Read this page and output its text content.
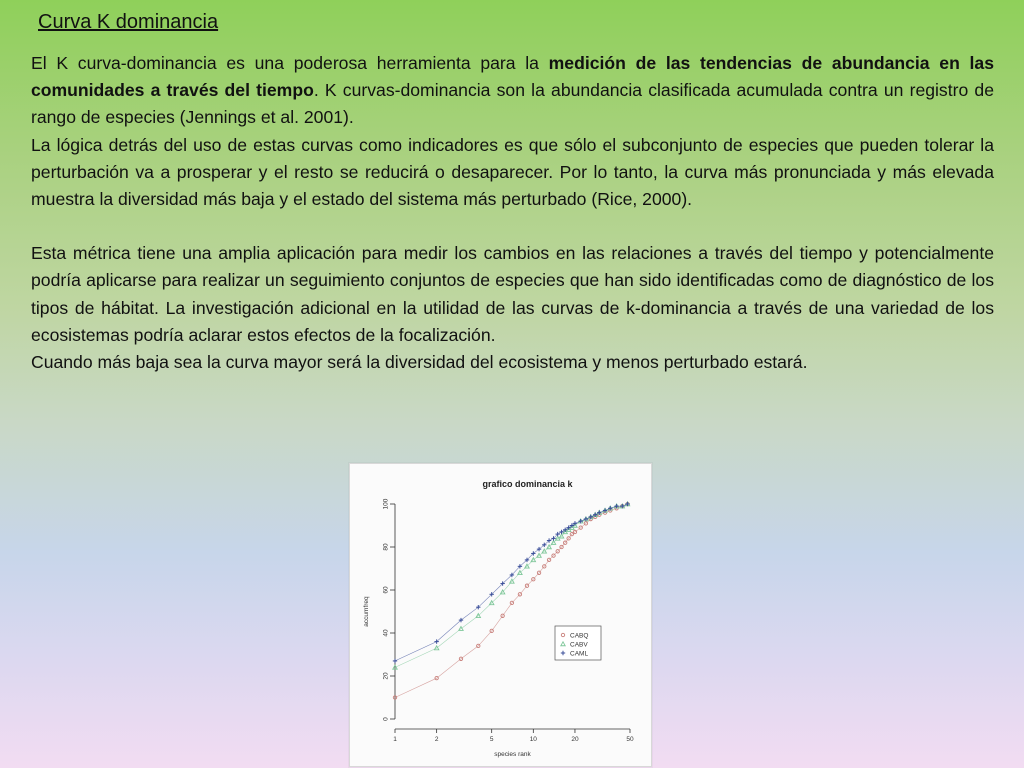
Curva K dominancia

El K curva-dominancia es una poderosa herramienta para la medición de las tendencias de abundancia en las comunidades a través del tiempo. K curvas-dominancia son la abundancia clasificada acumulada contra un registro de rango de especies (Jennings et al. 2001).

La lógica detrás del uso de estas curvas como indicadores es que sólo el subconjunto de especies que pueden tolerar la perturbación va a prosperar y el resto se reducirá o desaparecer. Por lo tanto, la curva más pronunciada y más elevada muestra la diversidad más baja y el estado del sistema más perturbado (Rice, 2000).

Esta métrica tiene una amplia aplicación para medir los cambios en las relaciones a través del tiempo y potencialmente podría aplicarse para realizar un seguimiento conjuntos de especies que han sido identificadas como de diagnóstico de los tipos de hábitat. La investigación adicional en la utilidad de las curvas de k-dominancia a través de una variedad de los ecosistemas podría aclarar estos efectos de la focalización.

Cuando más baja sea la curva mayor será la diversidad del ecosistema y menos perturbado estará.

grafico dominancia k
0
20
40
60
80
100
1	2	5	10	20	50
species rank
accumfreq
CABQ
CABV
CAML
